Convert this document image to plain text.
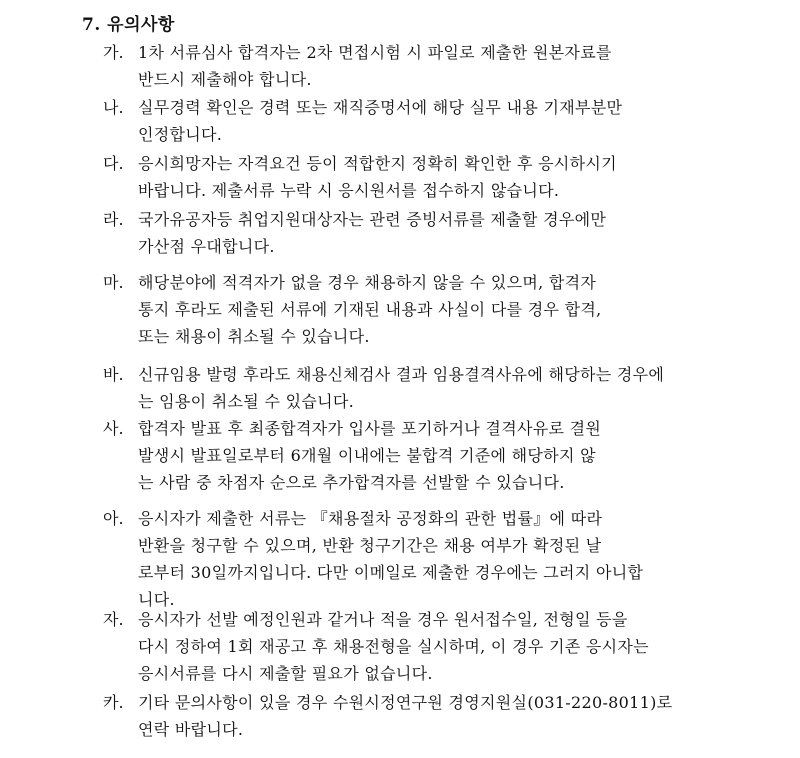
7. 유의사항
가. 1차 서류심사 합격자는 2차 면접시험 시 파일로 제출한 원본자료를
반드시 제출해야 합니다.
나. 실무경력 확인은 경력 또는 재직증명서에 해당 실무 내용 기재부분만
인정합니다.
다. 응시희망자는 자격요건 등이 적합한지 정확히 확인한 후 응시하시기
바랍니다. 제출서류 누락 시 응시원서를 접수하지 않습니다.
라. 국가유공자등 취업지원대상자는 관련 증빙서류를 제출할 경우에만
가산점 우대합니다.
마. 해당분야에 적격자가 없을 경우 채용하지 않을 수 있으며, 합격자
통지 후라도 제출된 서류에 기재된 내용과 사실이 다를 경우 합격,
또는 채용이 취소될 수 있습니다.
바. 신규임용 발령 후라도 채용신체검사 결과 임용결격사유에 해당하는 경우에
는 임용이 취소될 수 있습니다.
사. 합격자 발표 후 최종합격자가 입사를 포기하거나 결격사유로 결원
발생시 발표일로부터 6개월 이내에는 불합격 기준에 해당하지 않
는 사람 중 차점자 순으로 추가합격자를 선발할 수 있습니다.
아. 응시자가 제출한 서류는 『채용절차 공정화의 관한 법률』에 따라
반환을 청구할 수 있으며, 반환 청구기간은 채용 여부가 확정된 날
로부터 30일까지입니다. 다만 이메일로 제출한 경우에는 그러지 아니합
니다.
자. 응시자가 선발 예정인원과 같거나 적을 경우 원서접수일, 전형일 등을
다시 정하여 1회 재공고 후 채용전형을 실시하며, 이 경우 기존 응시자는
응시서류를 다시 제출할 필요가 없습니다.
카. 기타 문의사항이 있을 경우 수원시정연구원 경영지원실(031-220-8011)로
연락 바랍니다.
